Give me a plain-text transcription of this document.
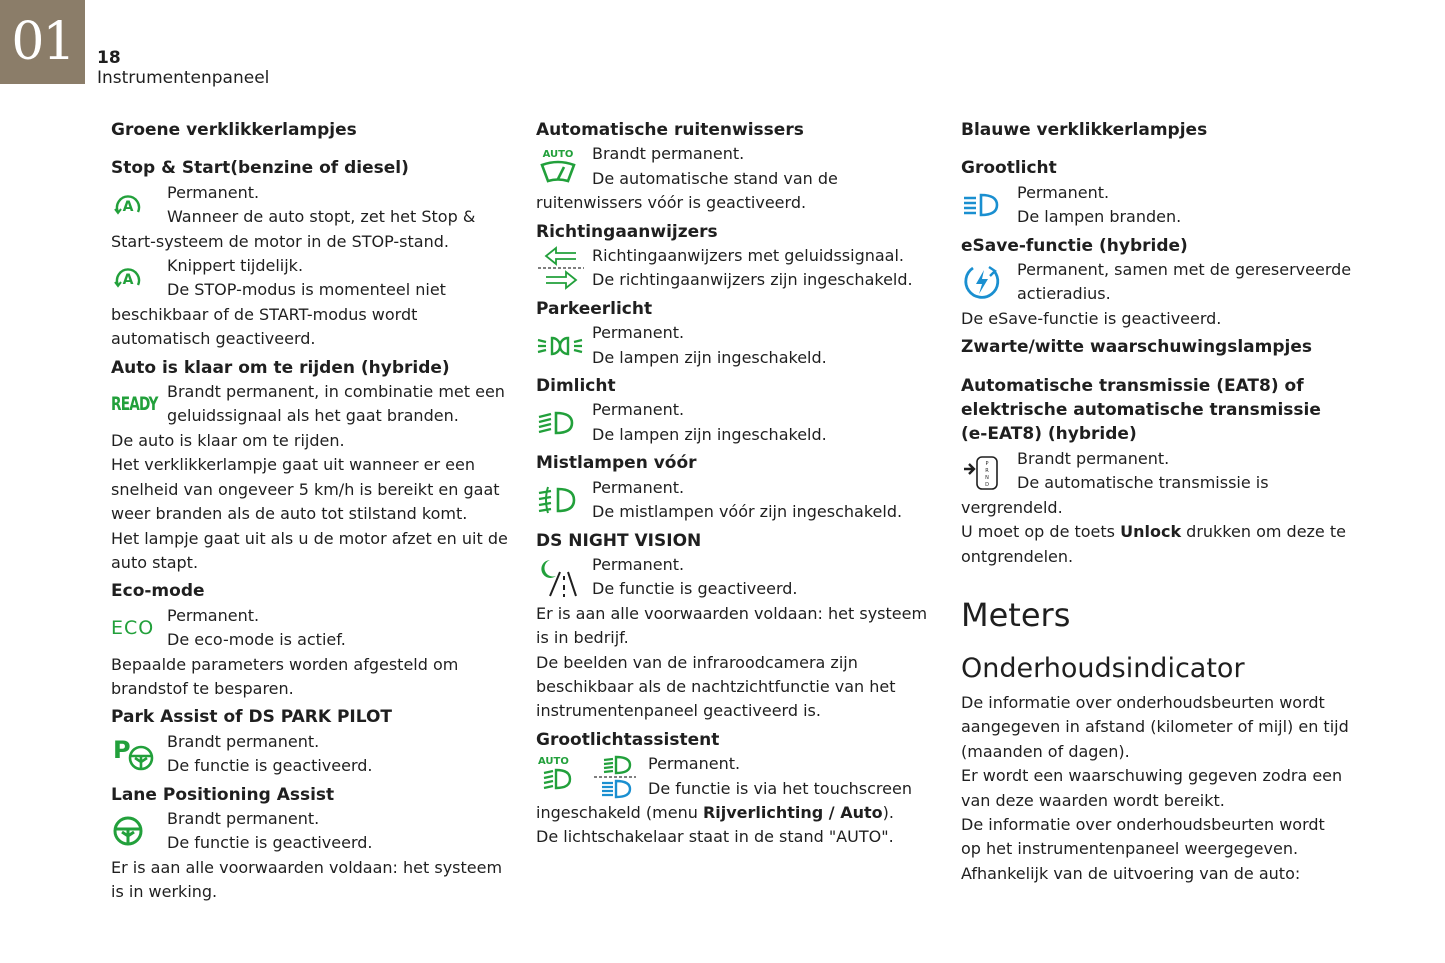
01	18
Instrumentenpaneel

Groene verklikkerlampjes

Stop & Start(benzine of diesel)

A

Permanent.

Wanneer de auto stopt, zet het Stop &

Start-systeem de motor in de STOP-stand.

A

Knippert tijdelijk.

De STOP-modus is momenteel niet

beschikbaar of de START-modus wordt

automatisch geactiveerd.

Auto is klaar om te rijden (hybride)

READY

Brandt permanent, in combinatie met een

geluidssignaal als het gaat branden.

De auto is klaar om te rijden.

Het verklikkerlampje gaat uit wanneer er een

snelheid van ongeveer 5 km/h is bereikt en gaat

weer branden als de auto tot stilstand komt.

Het lampje gaat uit als u de motor afzet en uit de

auto stapt.

Eco-mode

ECO

Permanent.

De eco-mode is actief.

Bepaalde parameters worden afgesteld om

brandstof te besparen.

Park Assist of DS PARK PILOT

P Brandt permanent.

De functie is geactiveerd.

Lane Positioning Assist

Brandt permanent.

De functie is geactiveerd.

Er is aan alle voorwaarden voldaan: het systeem

is in werking.

Automatische ruitenwissers

AUTO Brandt permanent.

De automatische stand van de

ruitenwissers vóór is geactiveerd.

Richtingaanwijzers

Richtingaanwijzers met geluidssignaal.

De richtingaanwijzers zijn ingeschakeld.

Parkeerlicht

Permanent.

De lampen zijn ingeschakeld.

Dimlicht

Permanent.

De lampen zijn ingeschakeld.

Mistlampen vóór

Permanent.

De mistlampen vóór zijn ingeschakeld.

DS NIGHT VISION

Permanent.

De functie is geactiveerd.

Er is aan alle voorwaarden voldaan: het systeem

is in bedrijf.

De beelden van de infraroodcamera zijn

beschikbaar als de nachtzichtfunctie van het

instrumentenpaneel geactiveerd is.

Grootlichtassistent

AUTO	Permanent.

De functie is via het touchscreen

ingeschakeld (menu Rijverlichting / Auto).

De lichtschakelaar staat in de stand "AUTO".

Blauwe verklikkerlampjes

Grootlicht

Permanent.

De lampen branden.

eSave-functie (hybride)

Permanent, samen met de gereserveerde

actieradius.

De eSave-functie is geactiveerd.

Zwarte/witte waarschuwingslampjes

Automatische transmissie (EAT8) of

elektrische automatische transmissie

(e-EAT8) (hybride)

P
R
N
D

Brandt permanent.

De automatische transmissie is

vergrendeld.

U moet op de toets Unlock drukken om deze te

ontgrendelen.

Meters

Onderhoudsindicator

De informatie over onderhoudsbeurten wordt

aangegeven in afstand (kilometer of mijl) en tijd

(maanden of dagen).

Er wordt een waarschuwing gegeven zodra een

van deze waarden wordt bereikt.

De informatie over onderhoudsbeurten wordt

op het instrumentenpaneel weergegeven.

Afhankelijk van de uitvoering van de auto:
